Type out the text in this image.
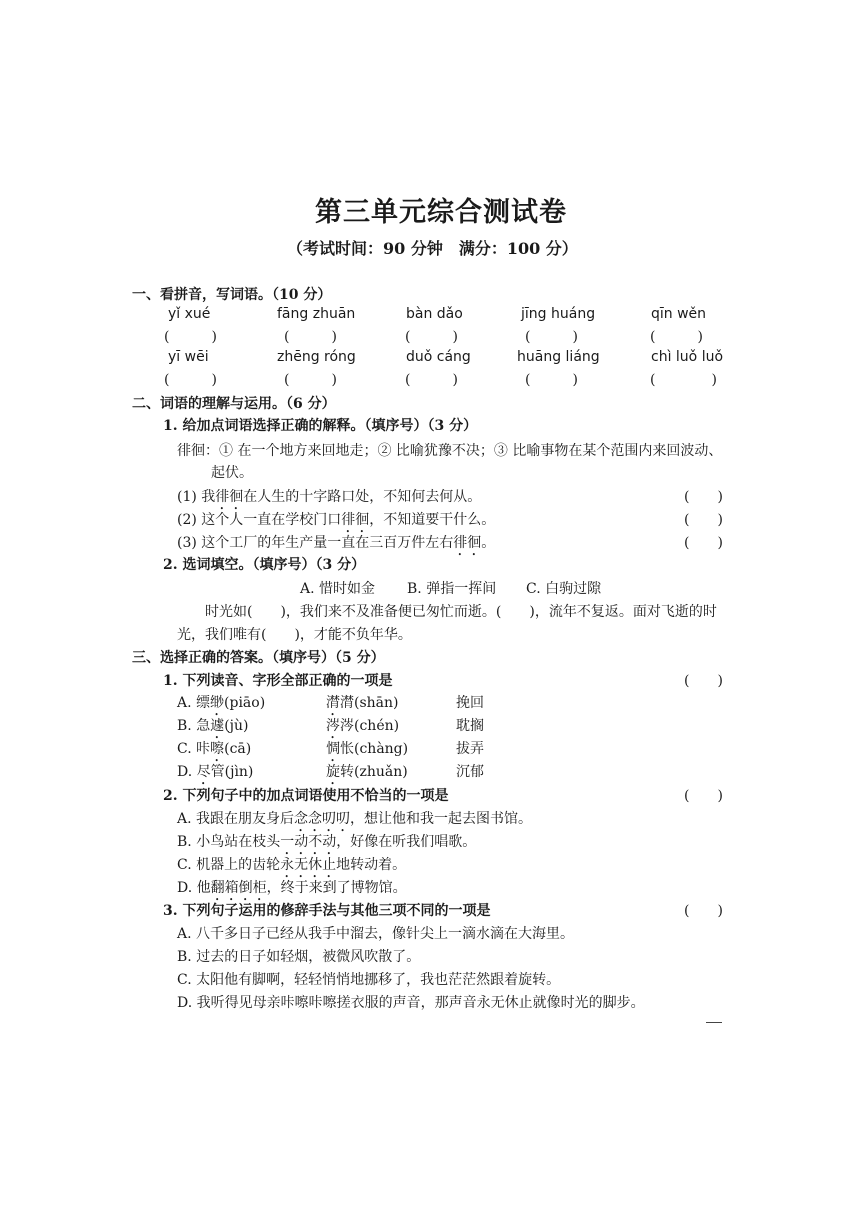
第三单元综合测试卷
（考试时间：90 分钟　满分：100 分）
一、看拼音，写词语。（10 分）
yǐ xué	fāng zhuān	bàn dǎo	jīng huáng	qīn wěn
(　　　)	(　　　)	(　　　)	(　　　)	(　　　)
yī wēi	zhēng róng	duǒ cáng	huāng liáng	chì luǒ luǒ
(　　　)	(　　　)	(　　　)	(　　　)	(　　　　)
二、词语的理解与运用。（6 分）
1. 给加点词语选择正确的解释。（填序号）（3 分）
徘徊：① 在一个地方来回地走；② 比喻犹豫不决；③ 比喻事物在某个范围内来回波动、
起伏。
(1) 我徘徊在人生的十字路口处，不知何去何从。	(　　)
(2) 这个人一直在学校门口徘徊，不知道要干什么。	(　　)
(3) 这个工厂的年生产量一直在三百万件左右徘徊。	(　　)
2. 选词填空。（填序号）（3 分）
A. 惜时如金 B. 弹指一挥间 C. 白驹过隙
时光如(　　)，我们来不及准备便已匆忙而逝。(　　)，流年不复返。面对飞逝的时
光，我们唯有(　　)，才能不负年华。
三、选择正确的答案。（填序号）（5 分）
1. 下列读音、字形全部正确的一项是	(　　)
A. 缥缈(piāo)	潸潸(shān)	挽回
B. 急遽(jù)	涔涔(chén)	耽搁
C. 咔嚓(cā)	惆怅(chàng)	拔弄
D. 尽管(jìn)	旋转(zhuǎn)	沉郁
2. 下列句子中的加点词语使用不恰当的一项是	(　　)
A. 我跟在朋友身后念念叨叨，想让他和我一起去图书馆。
B. 小鸟站在枝头一动不动，好像在听我们唱歌。
C. 机器上的齿轮永无休止地转动着。
D. 他翻箱倒柜，终于来到了博物馆。
3. 下列句子运用的修辞手法与其他三项不同的一项是	(　　)
A. 八千多日子已经从我手中溜去，像针尖上一滴水滴在大海里。
B. 过去的日子如轻烟，被微风吹散了。
C. 太阳他有脚啊，轻轻悄悄地挪移了，我也茫茫然跟着旋转。
D. 我听得见母亲咔嚓咔嚓搓衣服的声音，那声音永无休止就像时光的脚步。
